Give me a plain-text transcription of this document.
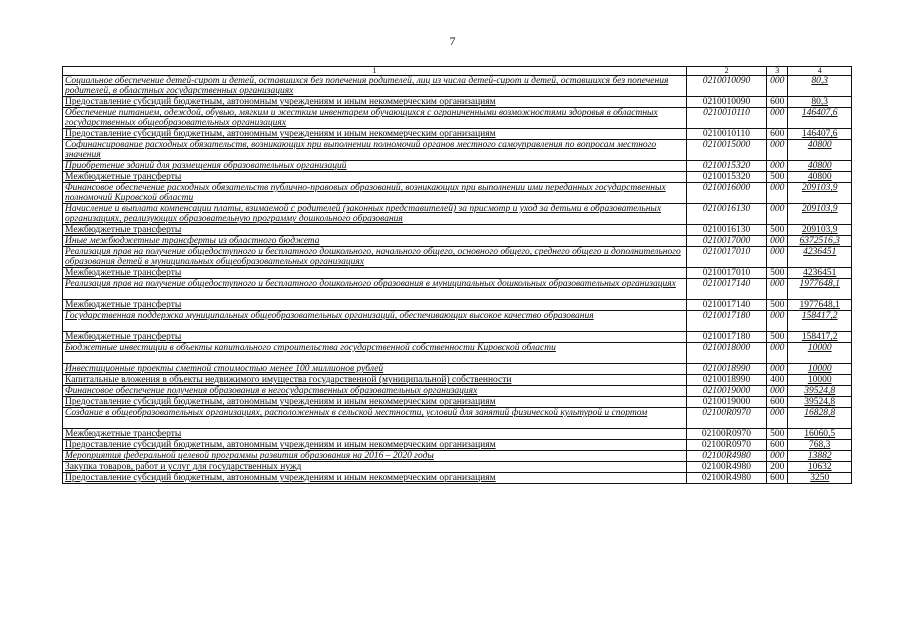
7
1	2	3	4
Социальное обеспечение детей-сирот и детей, оставшихся без попечения родителей, лиц из числа детей-сирот и детей, оставшихся без попечения родителей, в областных государственных организациях	0210010090	000	80,3
Предоставление субсидий бюджетным, автономным учреждениям и иным некоммерческим организациям	0210010090	600	80,3
Обеспечение питанием, одеждой, обувью, мягким и жестким инвентарем обучающихся с ограниченными возможностями здоровья в областных государственных общеобразовательных организациях	0210010110	000	146407,6
Предоставление субсидий бюджетным, автономным учреждениям и иным некоммерческим организациям	0210010110	600	146407,6
Софинансирование расходных обязательств, возникающих при выполнении полномочий органов местного самоуправления по вопросам местного значения	0210015000	000	40800
Приобретение зданий для размещения образовательных организаций	0210015320	000	40800
Межбюджетные трансферты	0210015320	500	40800
Финансовое обеспечение расходных обязательств публично-правовых образований, возникающих при выполнении ими переданных государственных полномочий Кировской области	0210016000	000	209103,9
Начисление и выплата компенсации платы, взимаемой с родителей (законных представителей) за присмотр и уход за детьми в образовательных организациях, реализующих образовательную программу дошкольного образования	0210016130	000	209103,9
Межбюджетные трансферты	0210016130	500	209103,9
Иные межбюджетные трансферты из областного бюджета	0210017000	000	6372516,3
Реализация прав на получение общедоступного и бесплатного дошкольного, начального общего, основного общего, среднего общего и дополнительного образования детей в муниципальных общеобразовательных организациях	0210017010	000	4236451
Межбюджетные трансферты	0210017010	500	4236451
Реализация прав на получение общедоступного и бесплатного дошкольного образования в муниципальных дошкольных образовательных организациях	0210017140	000	1977648,1
Межбюджетные трансферты	0210017140	500	1977648,1
Государственная поддержка муниципальных общеобразовательных организаций, обеспечивающих высокое качество образования	0210017180	000	158417,2
Межбюджетные трансферты	0210017180	500	158417,2
Бюджетные инвестиции в объекты капитального строительства государственной собственности Кировской области	0210018000	000	10000
Инвестиционные проекты сметной стоимостью менее 100 миллионов рублей	0210018990	000	10000
Капитальные вложения в объекты недвижимого имущества государственной (муниципальной) собственности	0210018990	400	10000
Финансовое обеспечение получения образования в негосударственных образовательных организациях	0210019000	000	39524,8
Предоставление субсидий бюджетным, автономным учреждениям и иным некоммерческим организациям	0210019000	600	39524,8
Создание в общеобразовательных организациях, расположенных в сельской местности, условий для занятий физической культурой и спортом	02100R0970	000	16828,8
Межбюджетные трансферты	02100R0970	500	16060,5
Предоставление субсидий бюджетным, автономным учреждениям и иным некоммерческим организациям	02100R0970	600	768,3
Мероприятия федеральной целевой программы развития образования на 2016 – 2020 годы	02100R4980	000	13882
Закупка товаров, работ и услуг для государственных нужд	02100R4980	200	10632
Предоставление субсидий бюджетным, автономным учреждениям и иным некоммерческим организациям	02100R4980	600	3250
